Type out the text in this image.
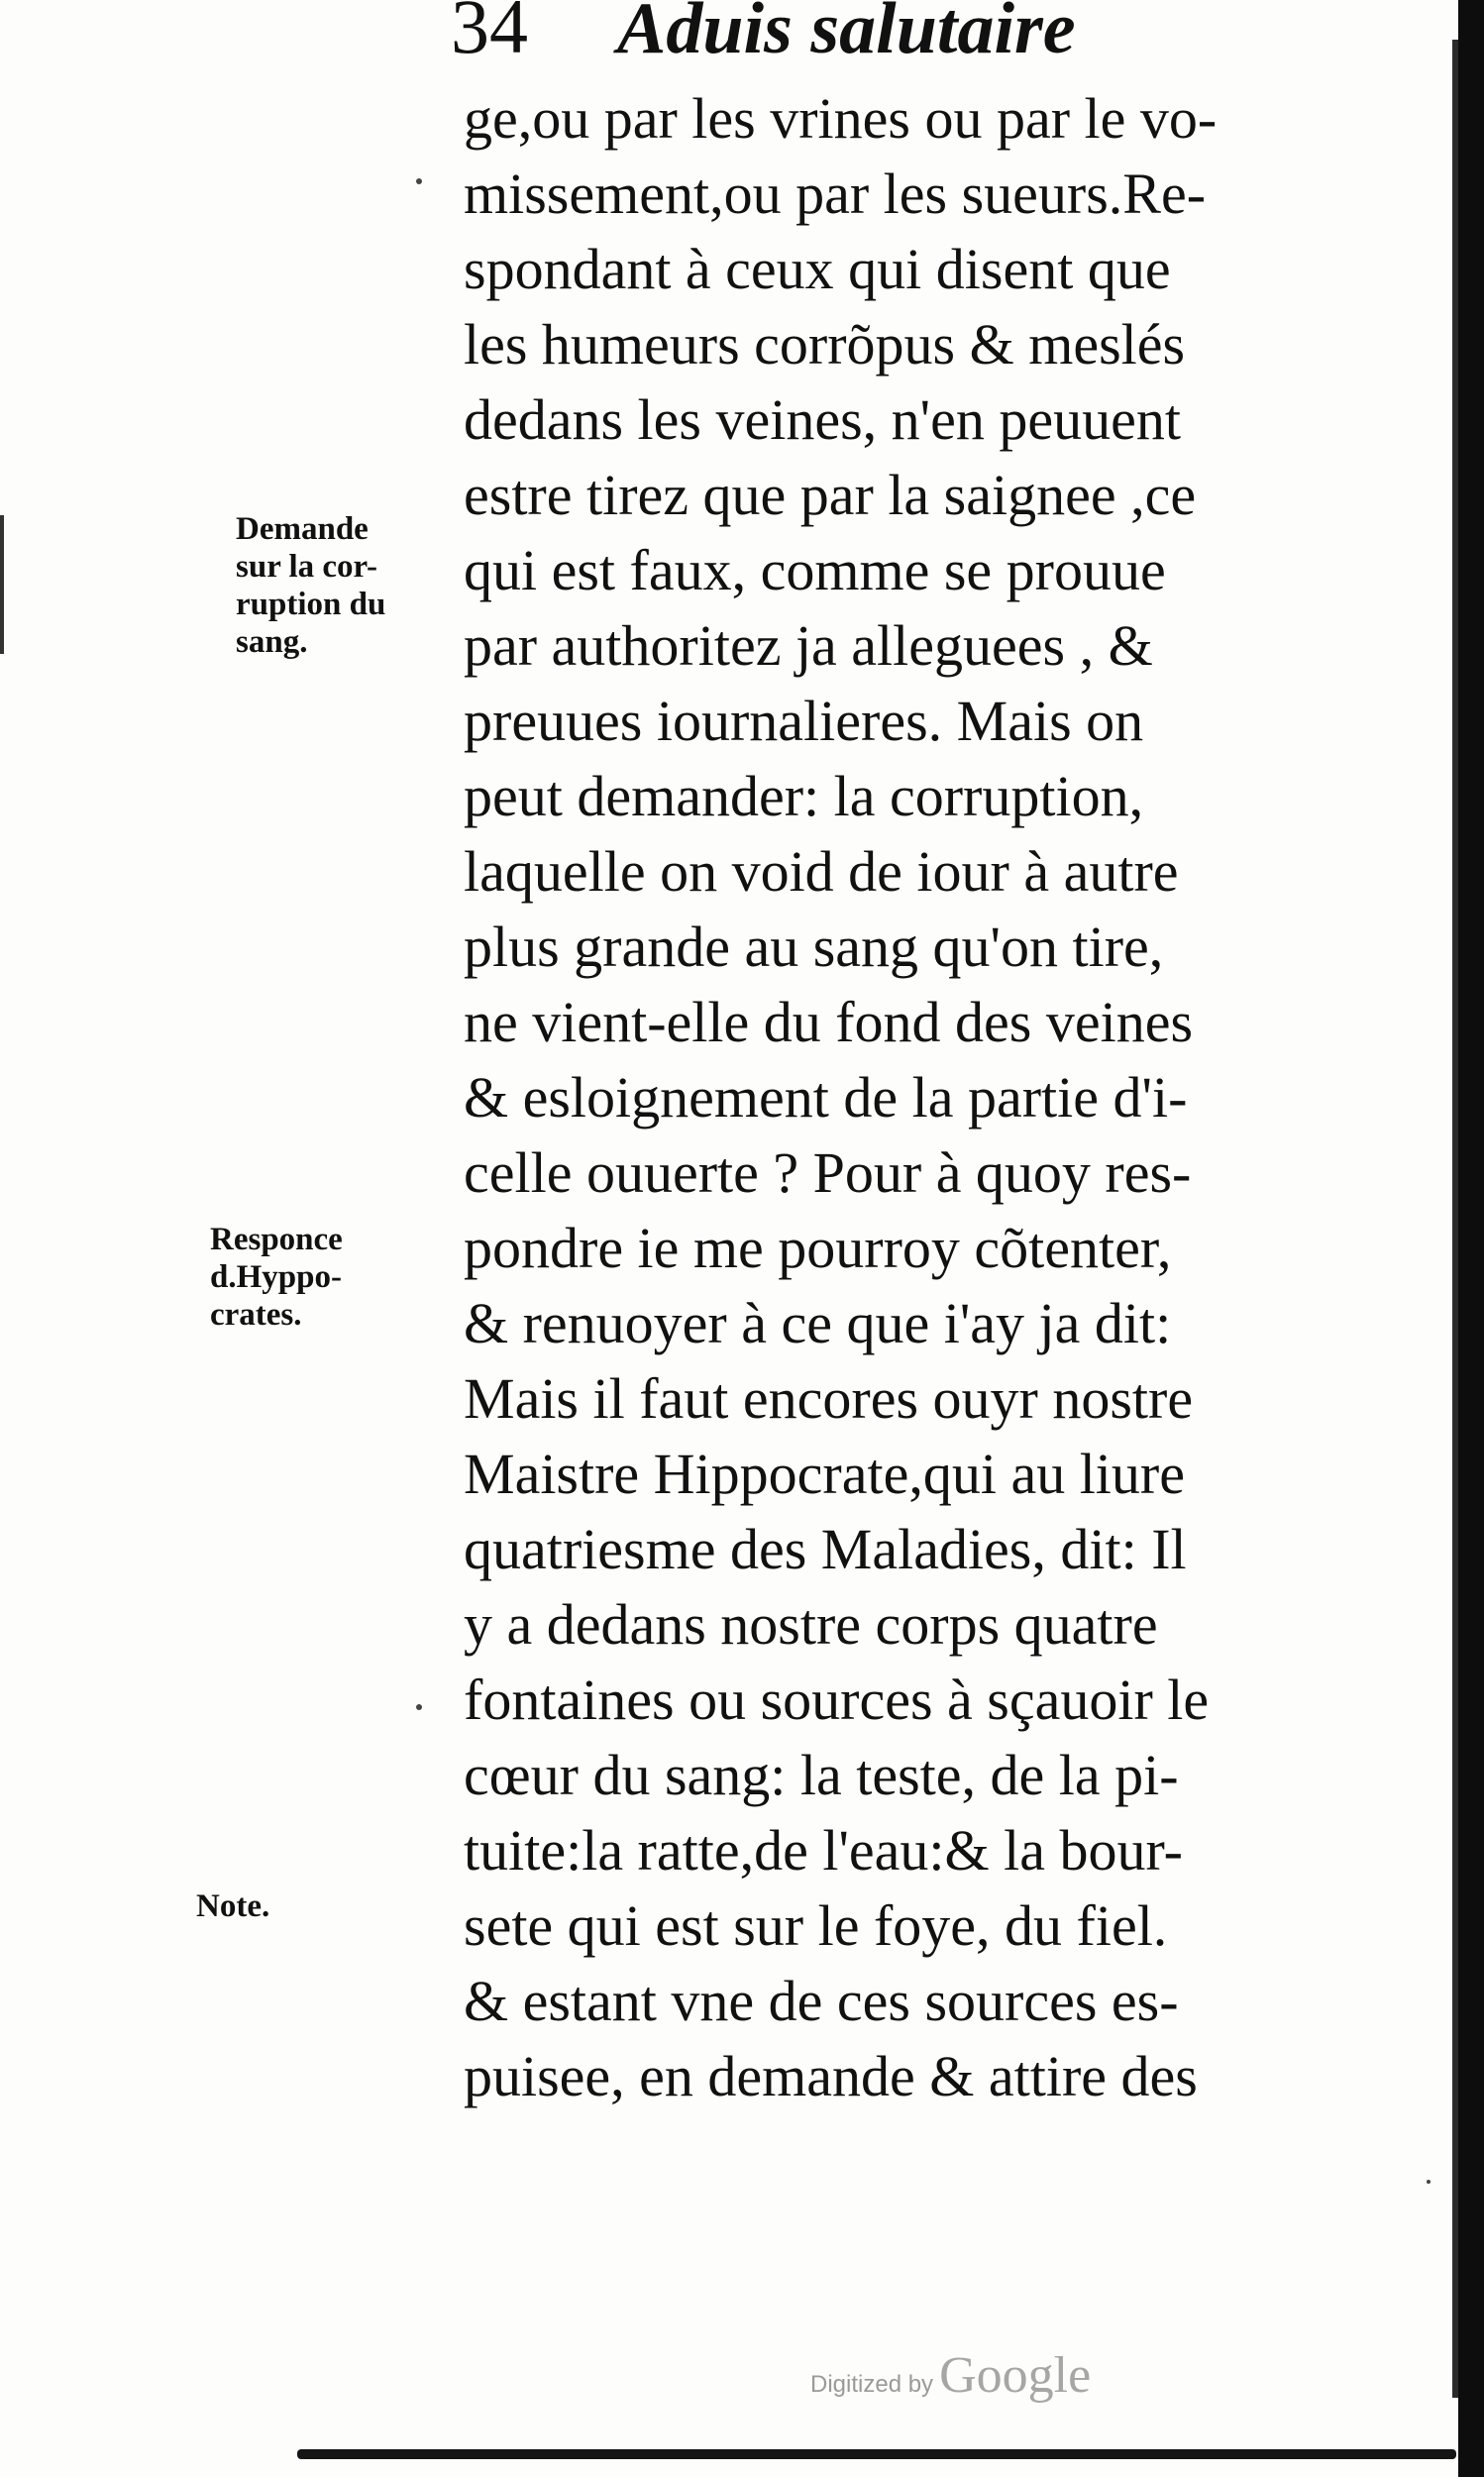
34 Aduis salutaire
ge,ou par les vrines ou par le vo-
missement,ou par les sueurs.Re-
spondant à ceux qui disent que
les humeurs corrõpus & meslés
dedans les veines, n'en peuuent
estre tirez que par la saignee ,ce
qui est faux, comme se prouue
par authoritez ja alleguees , &
preuues iournalieres. Mais on
peut demander: la corruption,
laquelle on void de iour à autre
plus grande au sang qu'on tire,
ne vient-elle du fond des veines
& esloignement de la partie d'i-
celle ouuerte ? Pour à quoy res-
pondre ie me pourroy cõtenter,
& renuoyer à ce que i'ay ja dit:
Mais il faut encores ouyr nostre
Maistre Hippocrate,qui au liure
quatriesme des Maladies, dit: Il
y a dedans nostre corps quatre
fontaines ou sources à sçauoir le
cœur du sang: la teste, de la pi-
tuite:la ratte,de l'eau:& la bour-
sete qui est sur le foye, du fiel.
& estant vne de ces sources es-
puisee, en demande & attire des
Demande
sur la cor-
ruption du
sang.
Responce
d.Hyppo-
crates.
Note.
Digitized by Google
